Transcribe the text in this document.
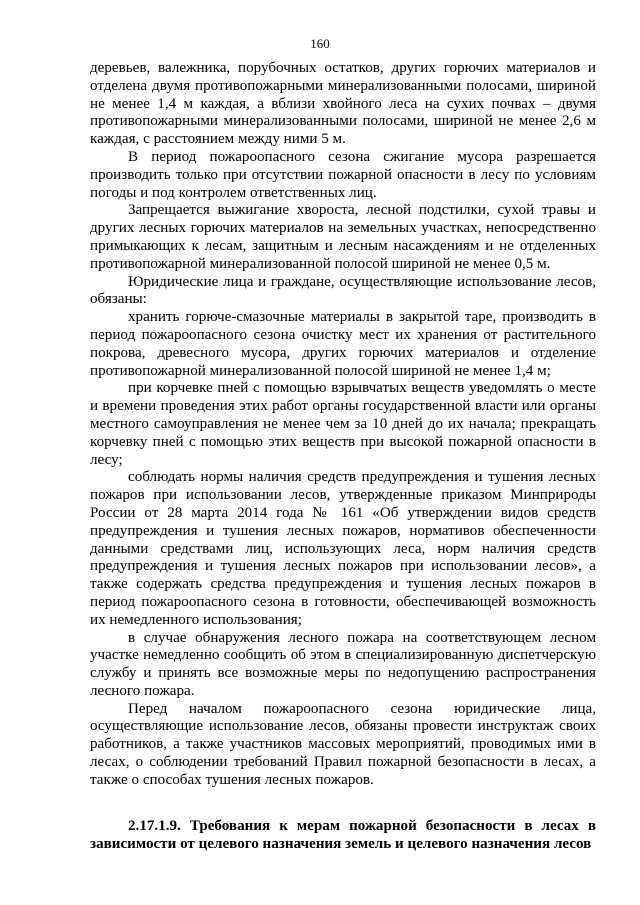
160

деревьев, валежника, порубочных остатков, других горючих материалов и отделена двумя противопожарными минерализованными полосами, шириной не менее 1,4 м каждая, а вблизи хвойного леса на сухих почвах – двумя противопожарными минерализованными полосами, шириной не менее 2,6 м каждая, с расстоянием между ними 5 м.

В период пожароопасного сезона сжигание мусора разрешается производить только при отсутствии пожарной опасности в лесу по условиям погоды и под контролем ответственных лиц.

Запрещается выжигание хвороста, лесной подстилки, сухой травы и других лесных горючих материалов на земельных участках, непосредственно примыкающих к лесам, защитным и лесным насаждениям и не отделенных противопожарной минерализованной полосой шириной не менее 0,5 м.

Юридические лица и граждане, осуществляющие использование лесов, обязаны:

хранить горюче-смазочные материалы в закрытой таре, производить в период пожароопасного сезона очистку мест их хранения от растительного покрова, древесного мусора, других горючих материалов и отделение противопожарной минерализованной полосой шириной не менее 1,4 м;

при корчевке пней с помощью взрывчатых веществ уведомлять о месте и времени проведения этих работ органы государственной власти или органы местного самоуправления не менее чем за 10 дней до их начала; прекращать корчевку пней с помощью этих веществ при высокой пожарной опасности в лесу;

соблюдать нормы наличия средств предупреждения и тушения лесных пожаров при использовании лесов, утвержденные приказом Минприроды России от 28 марта 2014 года № 161 «Об утверждении видов средств предупреждения и тушения лесных пожаров, нормативов обеспеченности данными средствами лиц, использующих леса, норм наличия средств предупреждения и тушения лесных пожаров при использовании лесов», а также содержать средства предупреждения и тушения лесных пожаров в период пожароопасного сезона в готовности, обеспечивающей возможность их немедленного использования;

в случае обнаружения лесного пожара на соответствующем лесном участке немедленно сообщить об этом в специализированную диспетчерскую службу и принять все возможные меры по недопущению распространения лесного пожара.

Перед началом пожароопасного сезона юридические лица, осуществляющие использование лесов, обязаны провести инструктаж своих работников, а также участников массовых мероприятий, проводимых ими в лесах, о соблюдении требований Правил пожарной безопасности в лесах, а также о способах тушения лесных пожаров.

2.17.1.9. Требования к мерам пожарной безопасности в лесах в зависимости от целевого назначения земель и целевого назначения лесов
